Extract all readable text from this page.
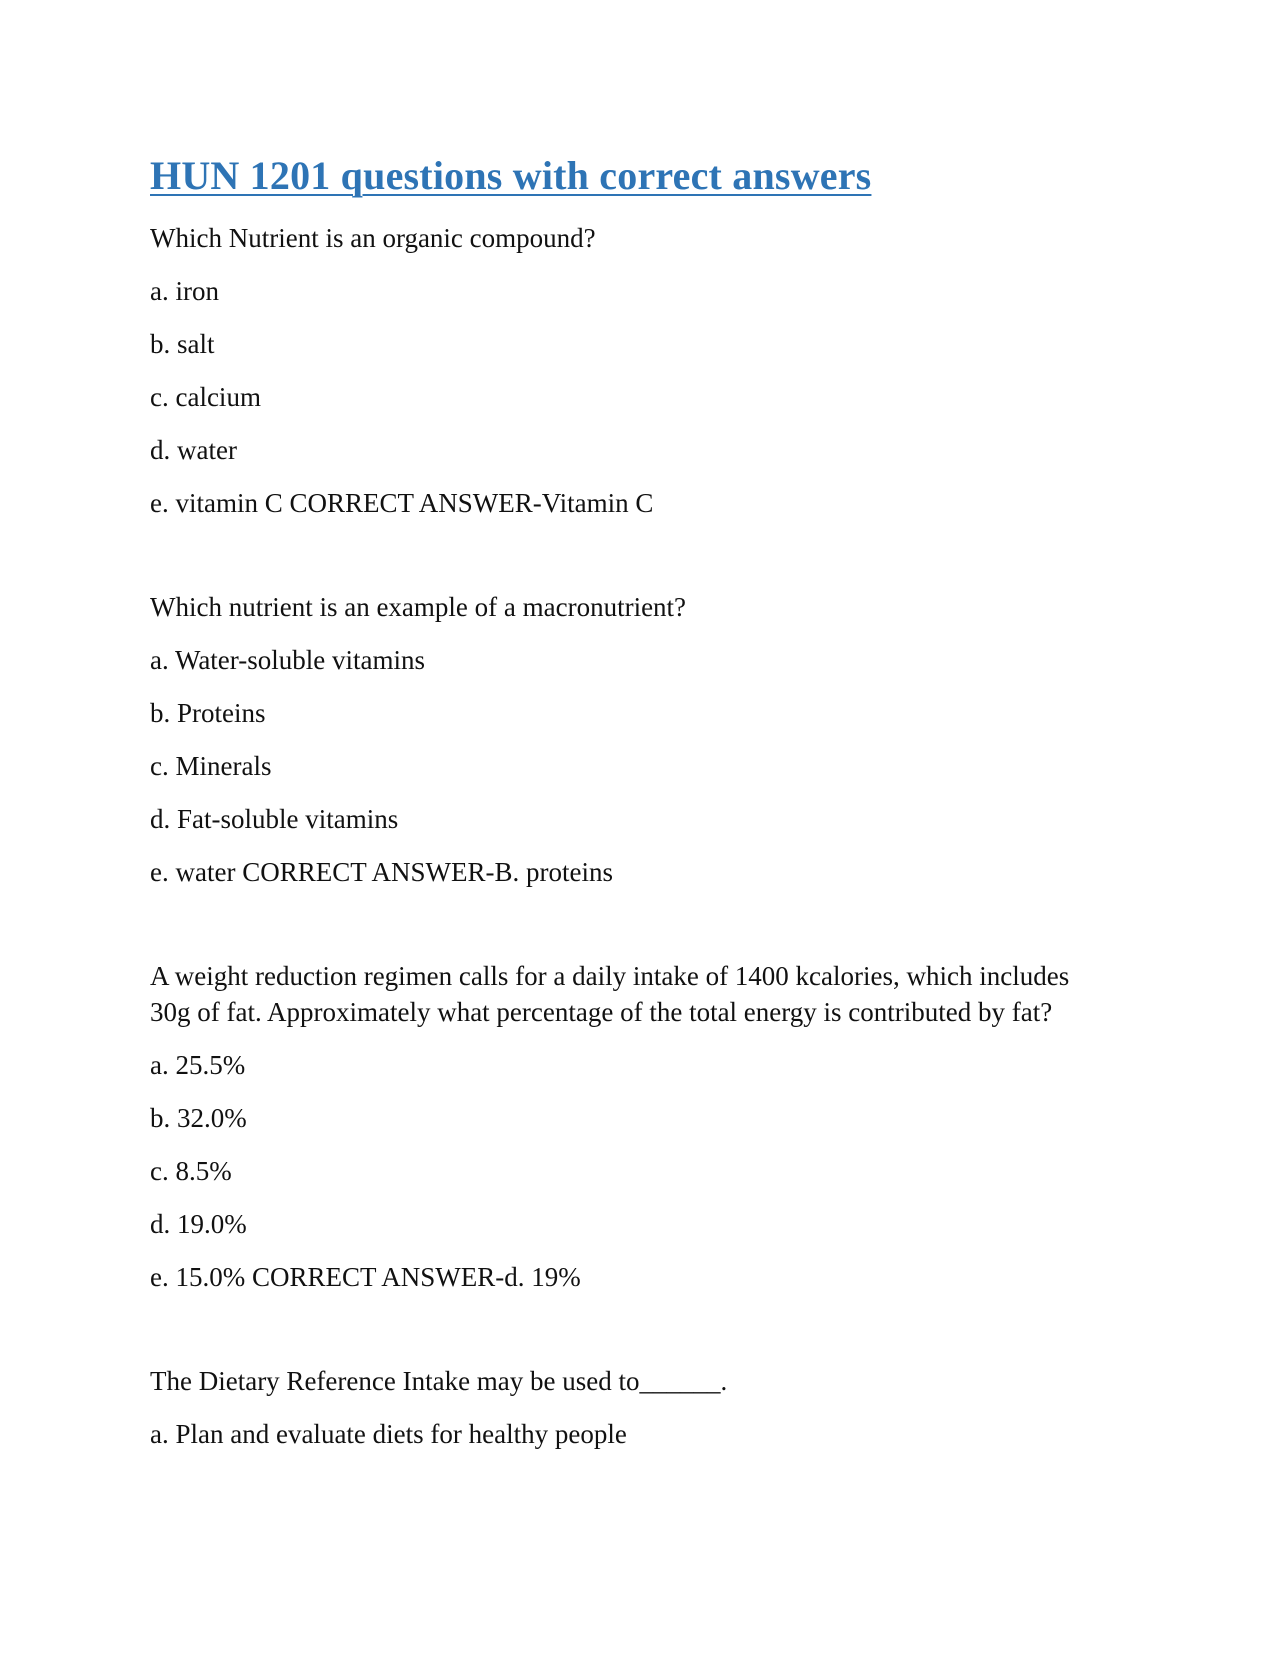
HUN 1201 questions with correct answers

Which Nutrient is an organic compound?

a. iron

b. salt

c. calcium

d. water

e. vitamin C CORRECT ANSWER-Vitamin C

Which nutrient is an example of a macronutrient?

a. Water-soluble vitamins

b. Proteins

c. Minerals

d. Fat-soluble vitamins

e. water CORRECT ANSWER-B. proteins

A weight reduction regimen calls for a daily intake of 1400 kcalories, which includes 30g of fat. Approximately what percentage of the total energy is contributed by fat?

a. 25.5%

b. 32.0%

c. 8.5%

d. 19.0%

e. 15.0% CORRECT ANSWER-d. 19%

The Dietary Reference Intake may be used to______.

a. Plan and evaluate diets for healthy people
